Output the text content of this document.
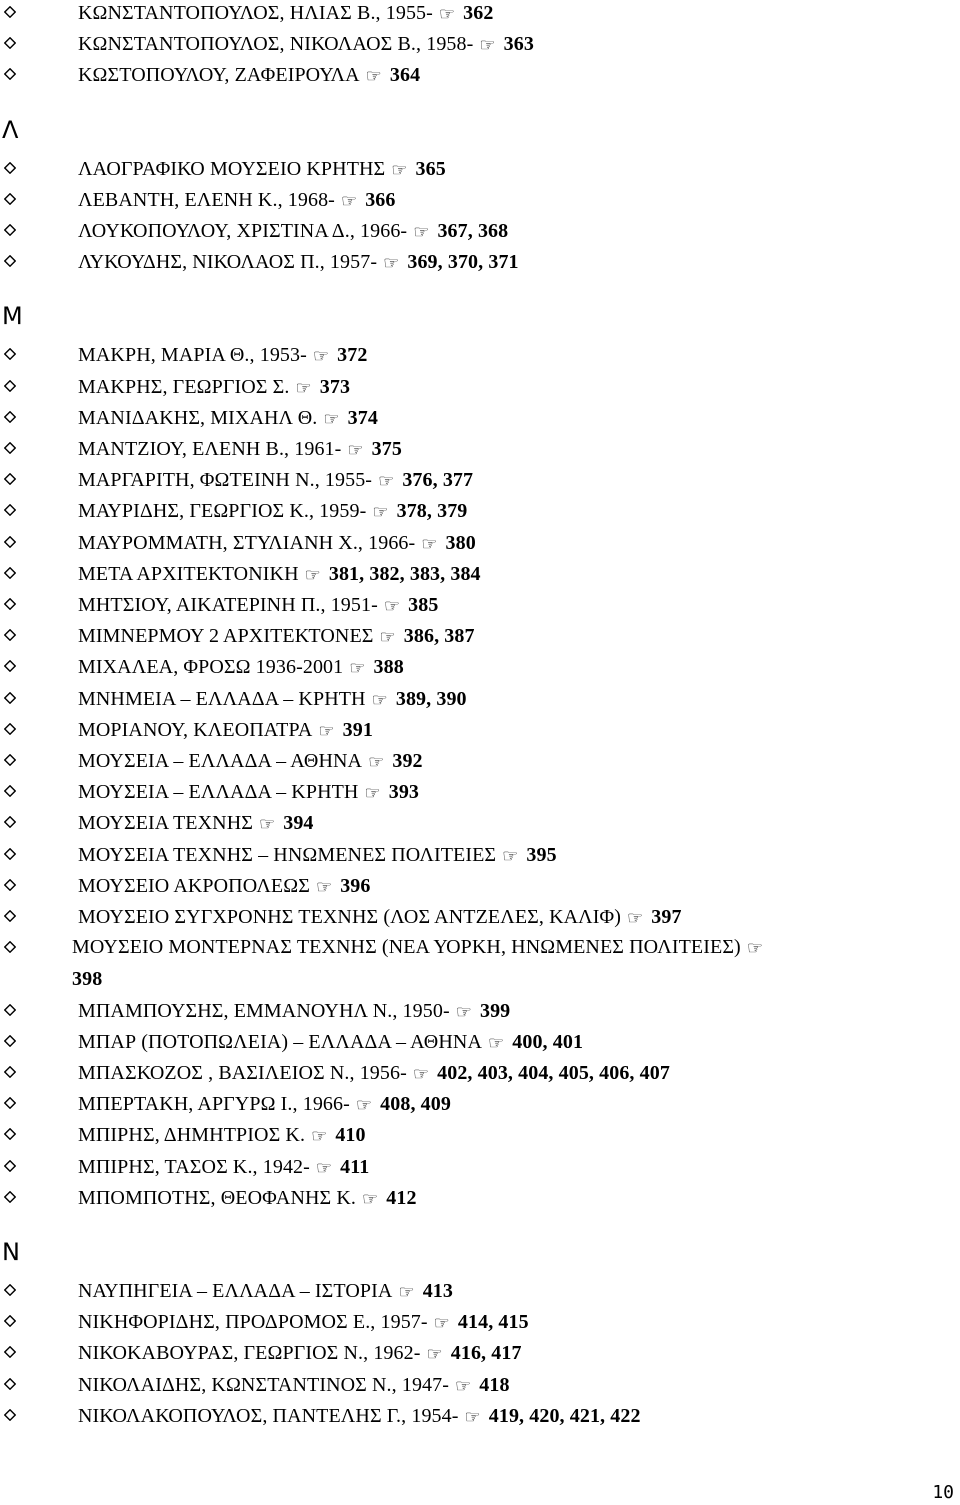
ΚΩΝΣΤΑΝΤΟΠΟΥΛΟΣ, ΗΛΙΑΣ Β., 1955- ☞ 362
ΚΩΝΣΤΑΝΤΟΠΟΥΛΟΣ, ΝΙΚΟΛΑΟΣ Β., 1958- ☞ 363
ΚΩΣΤΟΠΟΥΛΟΥ, ΖΑΦΕΙΡΟΥΛΑ ☞ 364
Λ
ΛΑΟΓΡΑΦΙΚΟ ΜΟΥΣΕΙΟ ΚΡΗΤΗΣ ☞ 365
ΛΕΒΑΝΤΗ, ΕΛΕΝΗ Κ., 1968- ☞ 366
ΛΟΥΚΟΠΟΥΛΟΥ, ΧΡΙΣΤΙΝΑ Δ., 1966- ☞ 367, 368
ΛΥΚΟΥΔΗΣ, ΝΙΚΟΛΑΟΣ Π., 1957- ☞ 369, 370, 371
Μ
ΜΑΚΡΗ, ΜΑΡΙΑ Θ., 1953- ☞ 372
ΜΑΚΡΗΣ, ΓΕΩΡΓΙΟΣ Σ. ☞ 373
ΜΑΝΙΔΑΚΗΣ, ΜΙΧΑΗΛ Θ. ☞ 374
ΜΑΝΤΖΙΟΥ, ΕΛΕΝΗ Β., 1961- ☞ 375
ΜΑΡΓΑΡΙΤΗ, ΦΩΤΕΙΝΗ Ν., 1955- ☞ 376, 377
ΜΑΥΡΙΔΗΣ, ΓΕΩΡΓΙΟΣ Κ., 1959- ☞ 378, 379
ΜΑΥΡΟΜΜΑΤΗ, ΣΤΥΛΙΑΝΗ Χ., 1966- ☞ 380
ΜΕΤΑ ΑΡΧΙΤΕΚΤΟΝΙΚΗ ☞ 381, 382, 383, 384
ΜΗΤΣΙΟΥ, ΑΙΚΑΤΕΡΙΝΗ Π., 1951- ☞ 385
ΜΙΜΝΕΡΜΟΥ 2 ΑΡΧΙΤΕΚΤΟΝΕΣ ☞ 386, 387
ΜΙΧΑΛΕΑ, ΦΡΟΣΩ 1936-2001 ☞ 388
ΜΝΗΜΕΙΑ – ΕΛΛΑΔΑ – ΚΡΗΤΗ ☞ 389, 390
ΜΟΡΙΑΝΟΥ, ΚΛΕΟΠΑΤΡΑ ☞ 391
ΜΟΥΣΕΙΑ – ΕΛΛΑΔΑ – ΑΘΗΝΑ ☞ 392
ΜΟΥΣΕΙΑ – ΕΛΛΑΔΑ – ΚΡΗΤΗ ☞ 393
ΜΟΥΣΕΙΑ ΤΕΧΝΗΣ ☞ 394
ΜΟΥΣΕΙΑ ΤΕΧΝΗΣ – ΗΝΩΜΕΝΕΣ ΠΟΛΙΤΕΙΕΣ ☞ 395
ΜΟΥΣΕΙΟ ΑΚΡΟΠΟΛΕΩΣ ☞ 396
ΜΟΥΣΕΙΟ ΣΥΓΧΡΟΝΗΣ ΤΕΧΝΗΣ (ΛΟΣ ΑΝΤΖΕΛΕΣ, ΚΑΛΙΦ) ☞ 397
ΜΟΥΣΕΙΟ ΜΟΝΤΕΡΝΑΣ ΤΕΧΝΗΣ (ΝΕΑ ΥΟΡΚΗ, ΗΝΩΜΕΝΕΣ ΠΟΛΙΤΕΙΕΣ) ☞
398
ΜΠΑΜΠΟΥΣΗΣ, ΕΜΜΑΝΟΥΗΛ Ν., 1950- ☞ 399
ΜΠΑΡ (ΠΟΤΟΠΩΛΕΙΑ) – ΕΛΛΑΔΑ – ΑΘΗΝΑ ☞ 400, 401
ΜΠΑΣΚΟΖΟΣ , ΒΑΣΙΛΕΙΟΣ Ν., 1956- ☞ 402, 403, 404, 405, 406, 407
ΜΠΕΡΤΑΚΗ, ΑΡΓΥΡΩ Ι., 1966- ☞ 408, 409
ΜΠΙΡΗΣ, ΔΗΜΗΤΡΙΟΣ Κ. ☞ 410
ΜΠΙΡΗΣ, ΤΑΣΟΣ Κ., 1942- ☞ 411
ΜΠΟΜΠΟΤΗΣ, ΘΕΟΦΑΝΗΣ Κ. ☞ 412
Ν
ΝΑΥΠΗΓΕΙΑ – ΕΛΛΑΔΑ – ΙΣΤΟΡΙΑ ☞ 413
ΝΙΚΗΦΟΡΙΔΗΣ, ΠΡΟΔΡΟΜΟΣ Ε., 1957- ☞ 414, 415
ΝΙΚΟΚΑΒΟΥΡΑΣ, ΓΕΩΡΓΙΟΣ Ν., 1962- ☞ 416, 417
ΝΙΚΟΛΑΙΔΗΣ, ΚΩΝΣΤΑΝΤΙΝΟΣ Ν., 1947- ☞ 418
ΝΙΚΟΛΑΚΟΠΟΥΛΟΣ, ΠΑΝΤΕΛΗΣ Γ., 1954- ☞ 419, 420, 421, 422
10
